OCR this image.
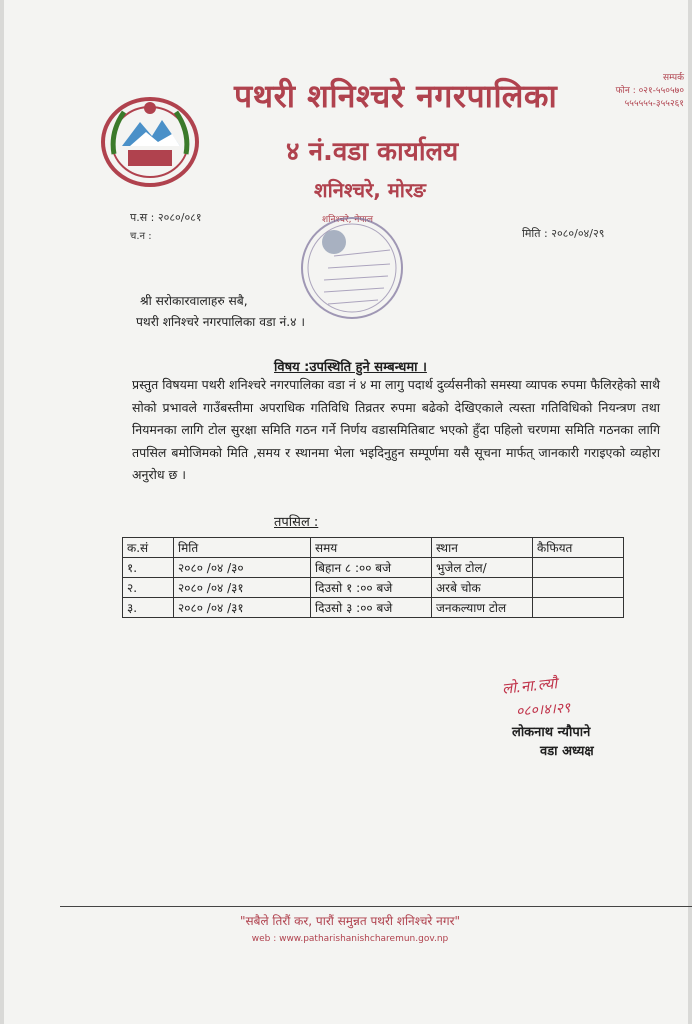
पथरी शनिश्चरे नगरपालिका
४ नं.वडा कार्यालय
शनिश्चरे, मोरङ
सम्पर्क
फोन : ०२१-५५०५७०
५५५५५५-३५५२६१
प.स : २०८०/०८१
च.न :
शनिश्चरे, नेपाल
मिति : २०८०/०४/२९
श्री सरोकारवालाहरु सबै,
पथरी शनिश्चरे नगरपालिका वडा नं.४ ।
विषय :उपस्थिति हुने सम्बन्धमा ।
प्रस्तुत विषयमा पथरी शनिश्चरे नगरपालिका वडा नं ४ मा लागु पदार्थ दुर्व्यसनीको समस्या व्यापक रुपमा फैलिरहेको साथै सोको प्रभावले गाउँबस्तीमा अपराधिक गतिविधि तिव्रतर रुपमा बढेको देखिएकाले त्यस्ता गतिविधिको नियन्त्रण तथा नियमनका लागि टोल सुरक्षा समिति गठन गर्ने निर्णय वडासमितिबाट भएको हुँदा पहिलो चरणमा समिति गठनका लागि तपसिल बमोजिमको मिति ,समय र स्थानमा भेला भइदिनुहुन सम्पूर्णमा यसै सूचना मार्फत् जानकारी गराइएको व्यहोरा अनुरोध छ ।
तपसिल :
क.सं	मिति	समय	स्थान	कैफियत
१.	२०८० /०४ /३०	बिहान ८ :०० बजे	भुजेल टोल/	
२.	२०८० /०४ /३१	दिउसो १ :०० बजे	अरबे चोक	
३.	२०८० /०४ /३१	दिउसो ३ :०० बजे	जनकल्याण टोल	
लो.ना.ल्यौ
०८०।४।२९
लोकनाथ न्यौपाने
वडा अध्यक्ष
"सबैले तिरौं कर, पारौं समुन्नत पथरी शनिश्चरे नगर"
web : www.patharishanishcharemun.gov.np
